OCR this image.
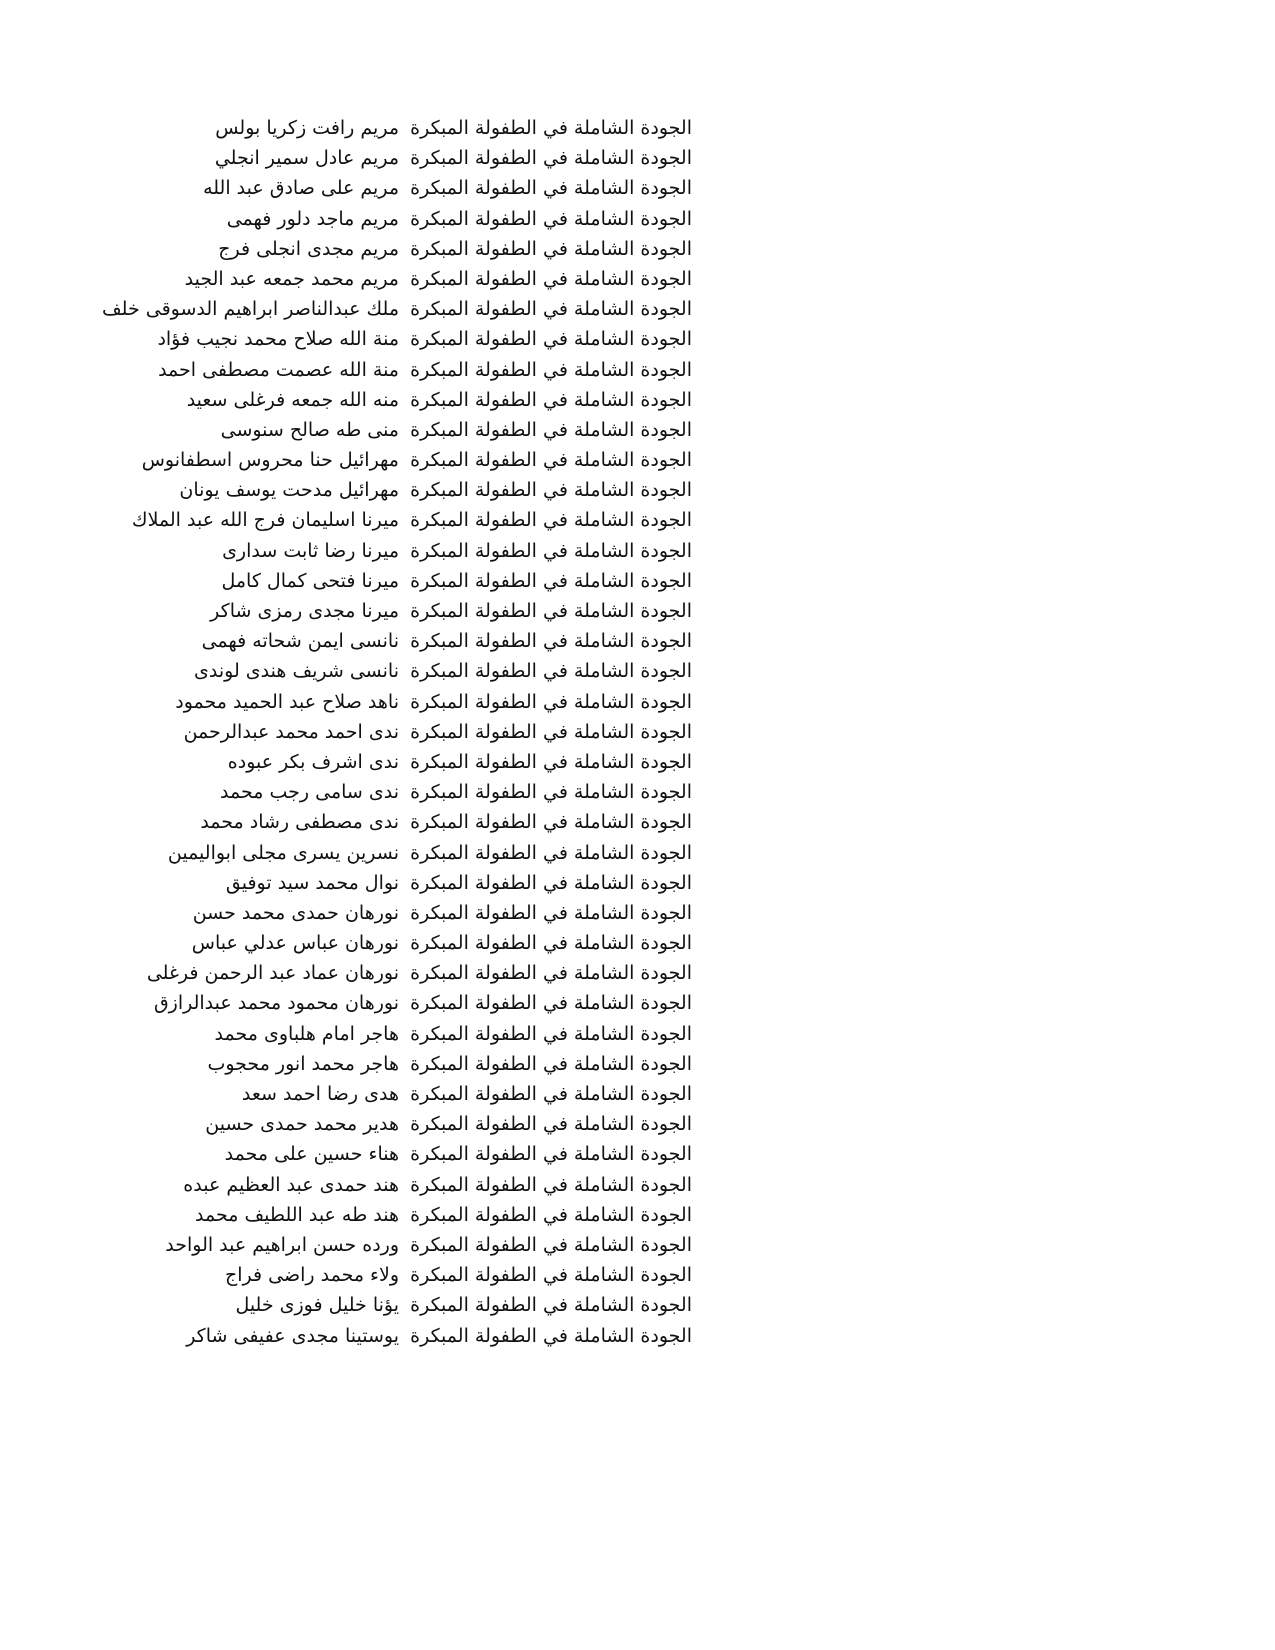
الجودة الشاملة في الطفولة المبكرة
مريم رافت زكريا بولس
الجودة الشاملة في الطفولة المبكرة
مريم عادل سمير انجلي
الجودة الشاملة في الطفولة المبكرة
مريم على صادق عبد الله
الجودة الشاملة في الطفولة المبكرة
مريم ماجد دلور فهمى
الجودة الشاملة في الطفولة المبكرة
مريم مجدى انجلى فرج
الجودة الشاملة في الطفولة المبكرة
مريم محمد جمعه عبد الجيد
الجودة الشاملة في الطفولة المبكرة
ملك عبدالناصر ابراهيم الدسوقى خلف
الجودة الشاملة في الطفولة المبكرة
منة الله صلاح محمد نجيب فؤاد
الجودة الشاملة في الطفولة المبكرة
منة الله عصمت مصطفى احمد
الجودة الشاملة في الطفولة المبكرة
منه الله جمعه فرغلى سعيد
الجودة الشاملة في الطفولة المبكرة
منى طه صالح سنوسى
الجودة الشاملة في الطفولة المبكرة
مهرائيل حنا محروس اسطفانوس
الجودة الشاملة في الطفولة المبكرة
مهرائيل مدحت يوسف يونان
الجودة الشاملة في الطفولة المبكرة
ميرنا اسليمان فرج الله عبد الملاك
الجودة الشاملة في الطفولة المبكرة
ميرنا رضا ثابت سدارى
الجودة الشاملة في الطفولة المبكرة
ميرنا فتحى كمال كامل
الجودة الشاملة في الطفولة المبكرة
ميرنا مجدى رمزى شاكر
الجودة الشاملة في الطفولة المبكرة
نانسى ايمن شحاته فهمى
الجودة الشاملة في الطفولة المبكرة
نانسى شريف هندى لوندى
الجودة الشاملة في الطفولة المبكرة
ناهد صلاح عبد الحميد محمود
الجودة الشاملة في الطفولة المبكرة
ندى احمد محمد عبدالرحمن
الجودة الشاملة في الطفولة المبكرة
ندى اشرف بكر عبوده
الجودة الشاملة في الطفولة المبكرة
ندى سامى رجب محمد
الجودة الشاملة في الطفولة المبكرة
ندى مصطفى رشاد محمد
الجودة الشاملة في الطفولة المبكرة
نسرين يسرى مجلى ابواليمين
الجودة الشاملة في الطفولة المبكرة
نوال محمد سيد توفيق
الجودة الشاملة في الطفولة المبكرة
نورهان حمدى محمد حسن
الجودة الشاملة في الطفولة المبكرة
نورهان عباس عدلي عباس
الجودة الشاملة في الطفولة المبكرة
نورهان عماد عبد الرحمن فرغلى
الجودة الشاملة في الطفولة المبكرة
نورهان محمود محمد عبدالرازق
الجودة الشاملة في الطفولة المبكرة
هاجر امام هلباوى محمد
الجودة الشاملة في الطفولة المبكرة
هاجر محمد انور محجوب
الجودة الشاملة في الطفولة المبكرة
هدى رضا احمد سعد
الجودة الشاملة في الطفولة المبكرة
هدير محمد حمدى حسين
الجودة الشاملة في الطفولة المبكرة
هناء حسين على محمد
الجودة الشاملة في الطفولة المبكرة
هند حمدى عبد العظيم عبده
الجودة الشاملة في الطفولة المبكرة
هند طه عبد اللطيف محمد
الجودة الشاملة في الطفولة المبكرة
ورده حسن ابراهيم عبد الواحد
الجودة الشاملة في الطفولة المبكرة
ولاء محمد راضى فراج
الجودة الشاملة في الطفولة المبكرة
يؤنا خليل فوزى خليل
الجودة الشاملة في الطفولة المبكرة
يوستينا مجدى عفيفى شاكر
